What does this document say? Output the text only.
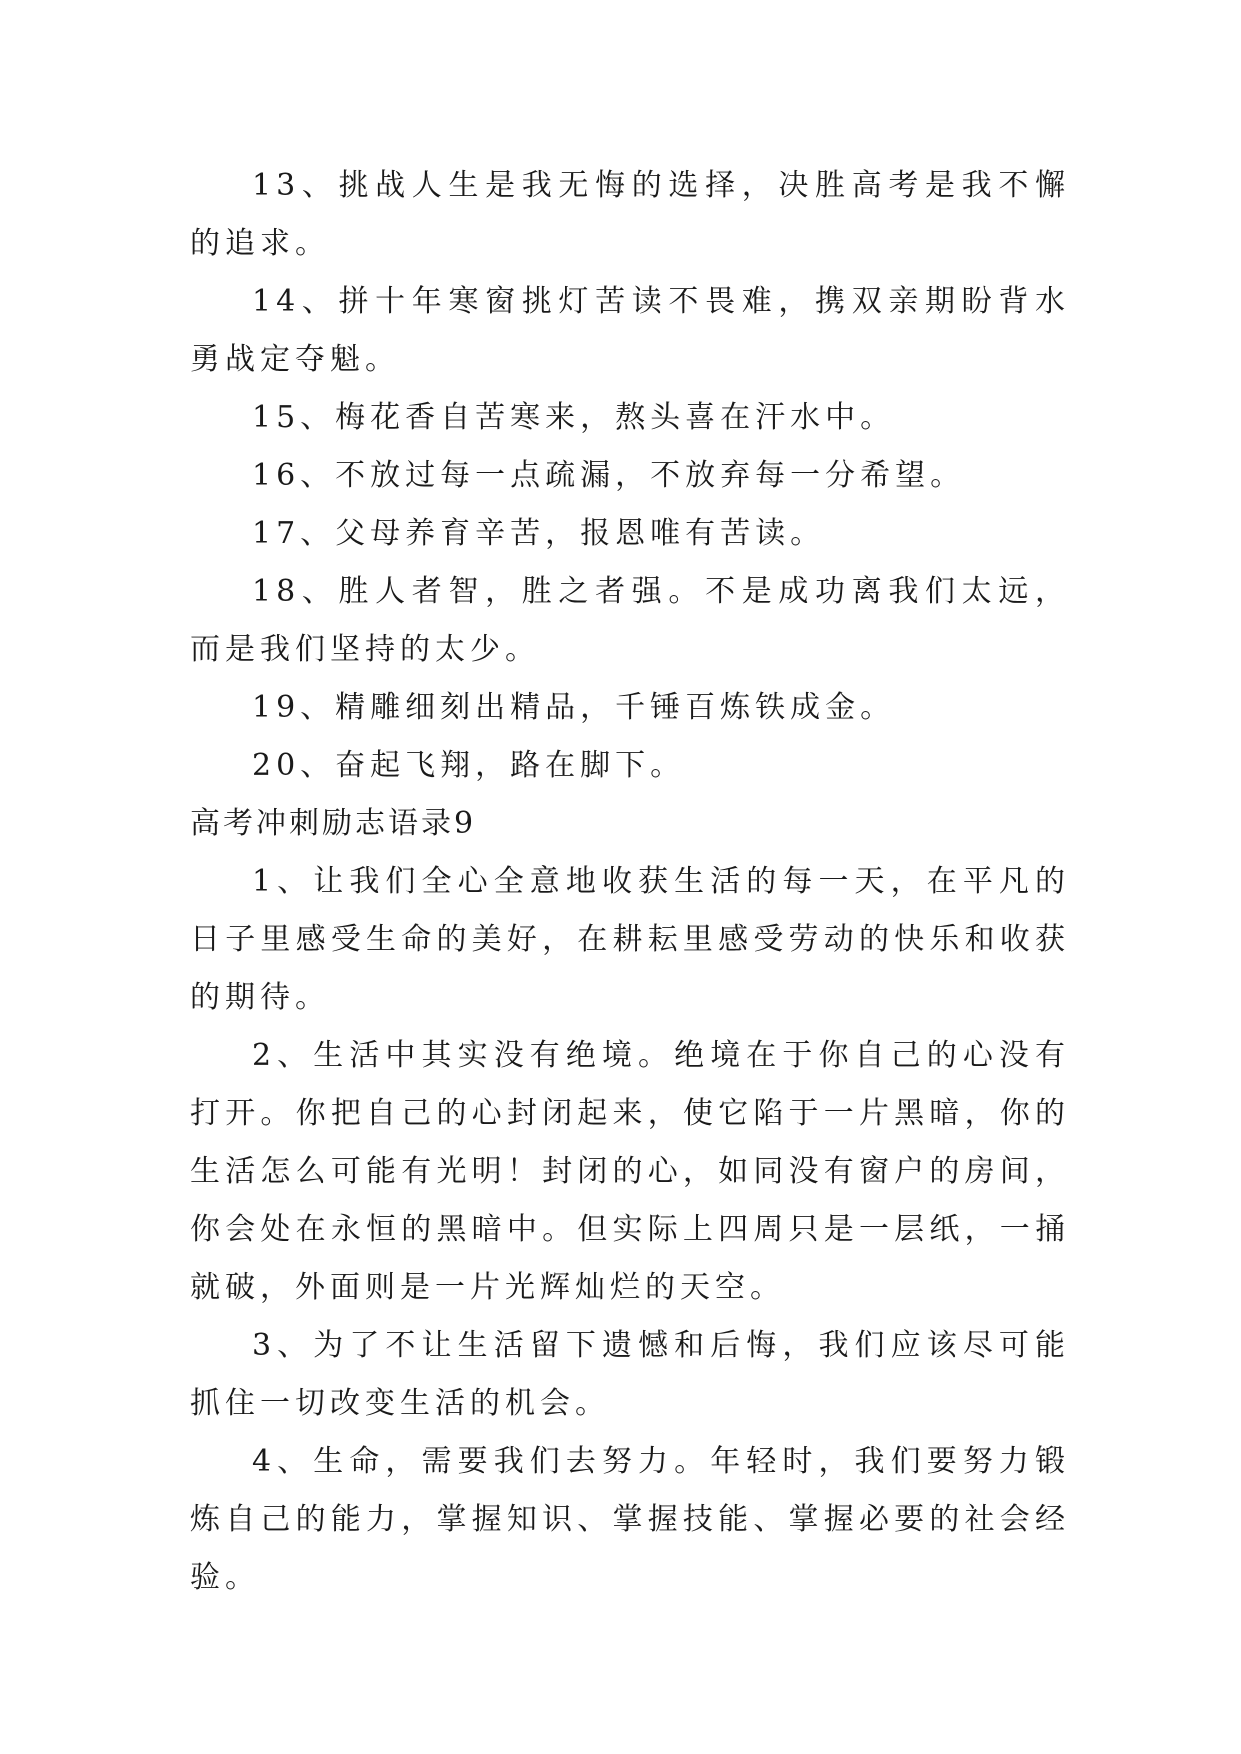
13、挑战人生是我无悔的选择，决胜高考是我不懈的追求。

14、拼十年寒窗挑灯苦读不畏难，携双亲期盼背水勇战定夺魁。

15、梅花香自苦寒来，熬头喜在汗水中。

16、不放过每一点疏漏，不放弃每一分希望。

17、父母养育辛苦，报恩唯有苦读。

18、胜人者智，胜之者强。不是成功离我们太远，而是我们坚持的太少。

19、精雕细刻出精品，千锤百炼铁成金。

20、奋起飞翔，路在脚下。

高考冲刺励志语录9

1、让我们全心全意地收获生活的每一天，在平凡的日子里感受生命的美好，在耕耘里感受劳动的快乐和收获的期待。

2、生活中其实没有绝境。绝境在于你自己的心没有打开。你把自己的心封闭起来，使它陷于一片黑暗，你的生活怎么可能有光明！封闭的心，如同没有窗户的房间，你会处在永恒的黑暗中。但实际上四周只是一层纸，一捅就破，外面则是一片光辉灿烂的天空。

3、为了不让生活留下遗憾和后悔，我们应该尽可能抓住一切改变生活的机会。

4、生命，需要我们去努力。年轻时，我们要努力锻炼自己的能力，掌握知识、掌握技能、掌握必要的社会经验。
